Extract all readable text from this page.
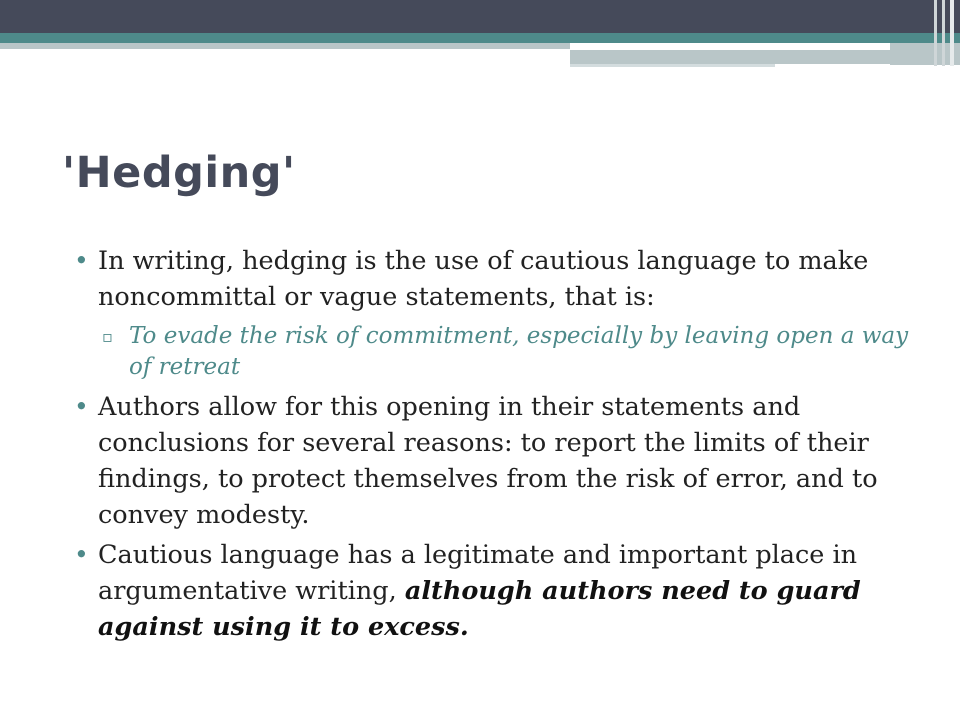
'Hedging'
• In writing, hedging is the use of cautious language to make noncommittal or vague statements, that is:
▫ To evade the risk of commitment, especially by leaving open a way of retreat
• Authors allow for this opening in their statements and conclusions for several reasons: to report the limits of their findings, to protect themselves from the risk of error, and to convey modesty.
• Cautious language has a legitimate and important place in argumentative writing, although authors need to guard against using it to excess.
